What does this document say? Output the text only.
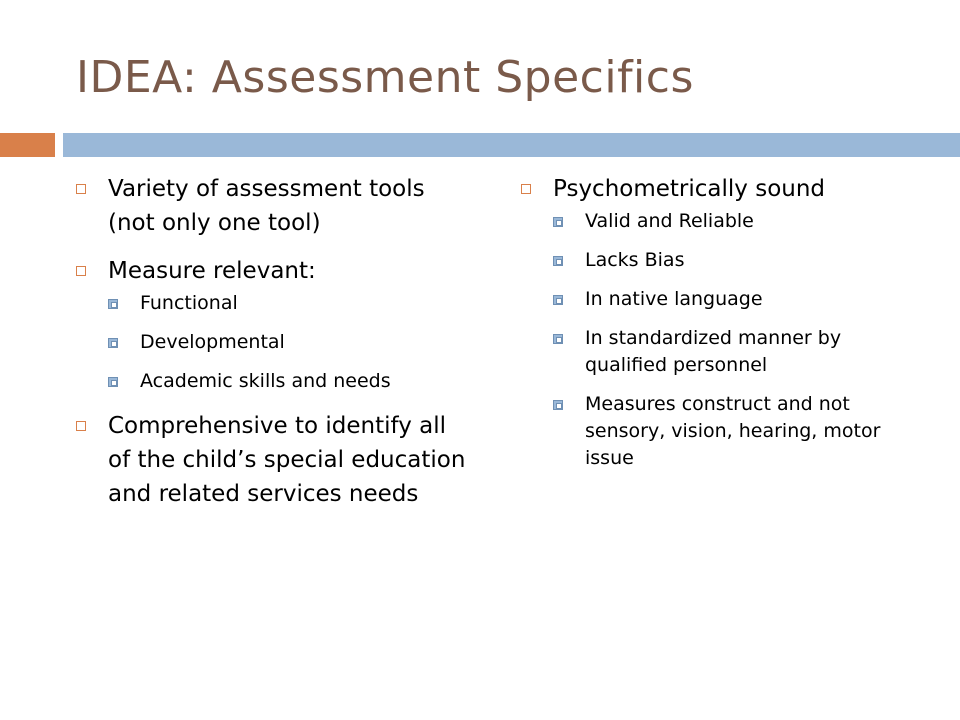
IDEA: Assessment Specifics
Variety of assessment tools (not only one tool)
Measure relevant:
Functional
Developmental
Academic skills and needs
Comprehensive to identify all of the child’s special education and related services needs
Psychometrically sound
Valid and Reliable
Lacks Bias
In native language
In standardized manner by qualified personnel
Measures construct and not sensory, vision, hearing, motor issue
